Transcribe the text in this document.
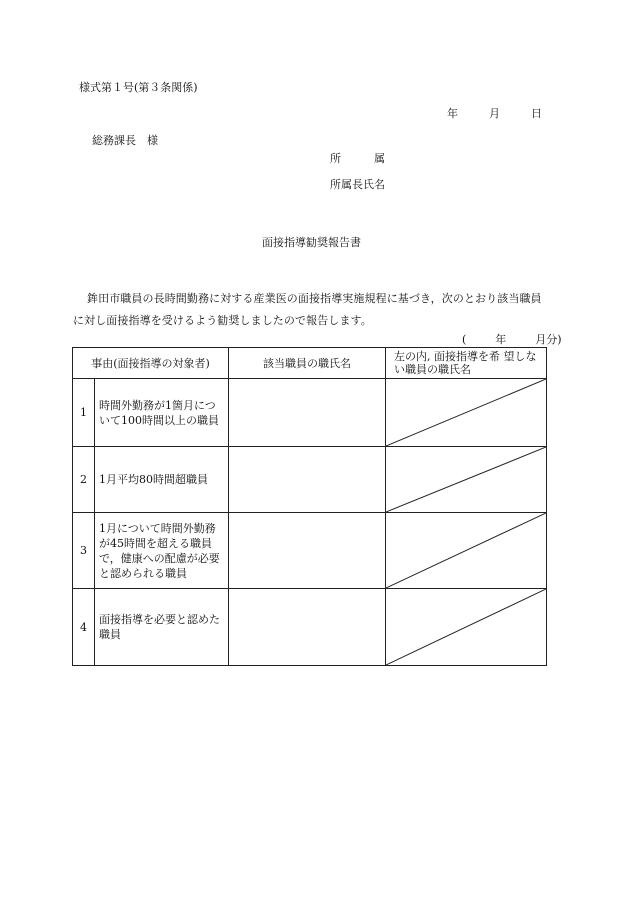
様式第１号(第３条関係)
年	月	日
総務課長　様
所　　　属
所属長氏名
面接指導勧奨報告書
鉾田市職員の長時間勤務に対する産業医の面接指導実施規程に基づき，次のとおり該当職員に対し面接指導を受けるよう勧奨しましたので報告します。
(	年	月分)
事由(面接指導の対象者)		該当職員の職氏名	左の内, 面接指導を希 望しない職員の職氏名
1	時間外勤務が1箇月について100時間以上の職員		

2	1月平均80時間超職員		

3	1月について時間外勤務が45時間を超える職員で，健康への配慮が必要と認められる職員		

4	面接指導を必要と認めた職員		
